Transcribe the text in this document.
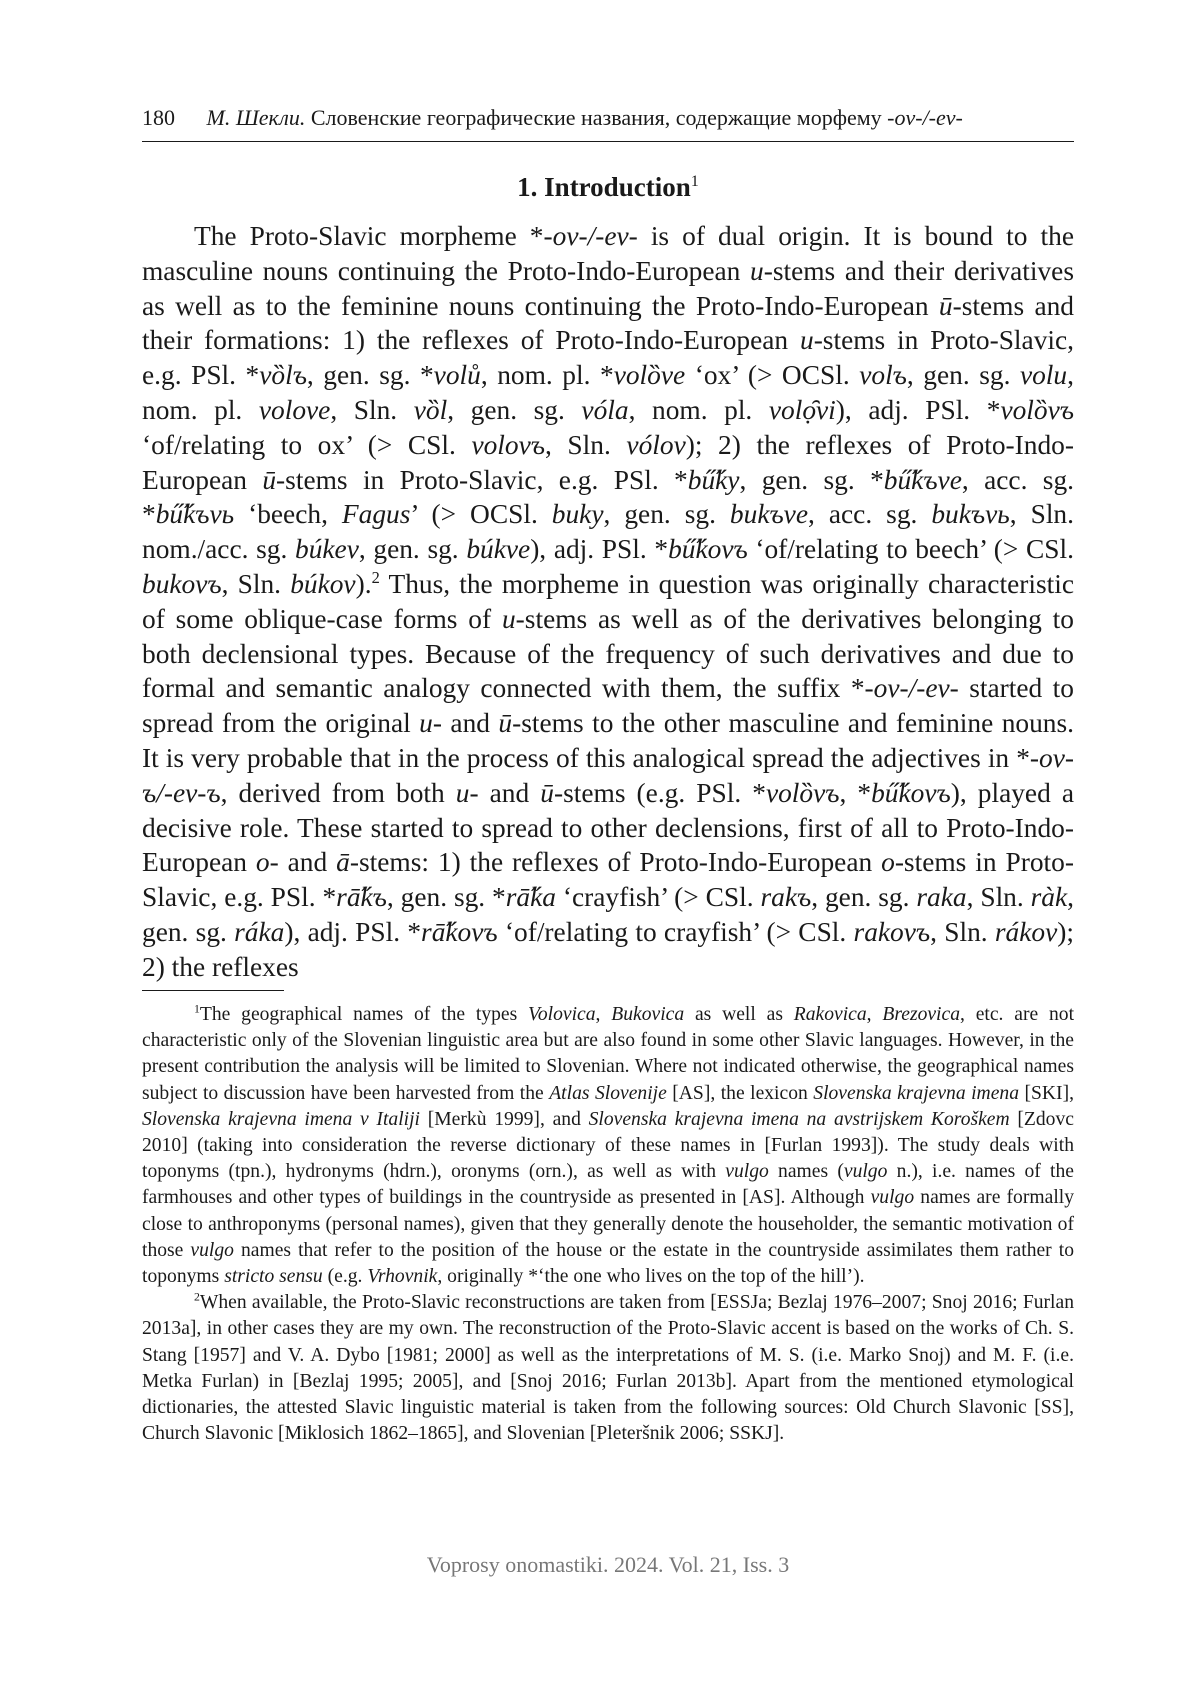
180 М. Шекли. Словенские географические названия, содержащие морфему -ov-/-ev-
1. Introduction$^1$

The Proto-Slavic morpheme *-ov-/-ev- is of dual origin. It is bound to the masculine nouns continuing the Proto-Indo-European u-stems and their derivatives as well as to the feminine nouns continuing the Proto-Indo-European ū-stems and their formations: 1) the reflexes of Proto-Indo-European u-stems in Proto-Slavic, e.g. PSl. *vȍlъ, gen. sg. *volů, nom. pl. *volȍve ‘ox’ (> OCSl. volъ, gen. sg. volu, nom. pl. volove, Sln. vȍl, gen. sg. vóla, nom. pl. volọ̑vi), adj. PSl. *volȍvъ ‘of/relating to ox’ (> CSl. volovъ, Sln. vólov); 2) the reflexes of Proto-Indo-European ū-stems in Proto-Slavic, e.g. PSl. *bű̋ky, gen. sg. *bű̋kъve, acc. sg. *bű̋kъvь ‘beech, Fagus’ (> OCSl. buky, gen. sg. bukъve, acc. sg. bukъvь, Sln. nom./acc. sg. búkev, gen. sg. búkve), adj. PSl. *bű̋kovъ ‘of/relating to beech’ (> CSl. bukovъ, Sln. búkov).$^2$ Thus, the morpheme in question was originally characteristic of some oblique-case forms of u-stems as well as of the derivatives belonging to both declensional types. Because of the frequency of such derivatives and due to formal and semantic analogy connected with them, the suffix *-ov-/-ev- started to spread from the original u- and ū-stems to the other masculine and feminine nouns. It is very probable that in the process of this analogical spread the adjectives in *-ov-ъ/-ev-ъ, derived from both u- and ū-stems (e.g. PSl. *volȍvъ, *bű̋kovъ), played a decisive role. These started to spread to other declensions, first of all to Proto-Indo-European o- and ā-stems: 1) the reflexes of Proto-Indo-European o-stems in Proto-Slavic, e.g. PSl. *rā̋kъ, gen. sg. *rā̋ka ‘crayfish’ (> CSl. rakъ, gen. sg. raka, Sln. ràk, gen. sg. ráka), adj. PSl. *rā̋kovъ ‘of/relating to crayfish’ (> CSl. rakovъ, Sln. rákov); 2) the reflexes

$^1$The geographical names of the types Volovica, Bukovica as well as Rakovica, Brezovica, etc. are not characteristic only of the Slovenian linguistic area but are also found in some other Slavic languages. However, in the present contribution the analysis will be limited to Slovenian. Where not indicated otherwise, the geographical names subject to discussion have been harvested from the Atlas Slovenije [AS], the lexicon Slovenska krajevna imena [SKI], Slovenska krajevna imena v Italiji [Merkù 1999], and Slovenska krajevna imena na avstrijskem Koroškem [Zdovc 2010] (taking into consideration the reverse dictionary of these names in [Furlan 1993]). The study deals with toponyms (tpn.), hydronyms (hdrn.), oronyms (orn.), as well as with vulgo names (vulgo n.), i.e. names of the farmhouses and other types of buildings in the countryside as presented in [AS]. Although vulgo names are formally close to anthroponyms (personal names), given that they generally denote the householder, the semantic motivation of those vulgo names that refer to the position of the house or the estate in the countryside assimilates them rather to toponyms stricto sensu (e.g. Vrhovnik, originally *‘the one who lives on the top of the hill’).

$^2$When available, the Proto-Slavic reconstructions are taken from [ESSJa; Bezlaj 1976–2007; Snoj 2016; Furlan 2013a], in other cases they are my own. The reconstruction of the Proto-Slavic accent is based on the works of Ch. S. Stang [1957] and V. A. Dybo [1981; 2000] as well as the interpretations of M. S. (i.e. Marko Snoj) and M. F. (i.e. Metka Furlan) in [Bezlaj 1995; 2005], and [Snoj 2016; Furlan 2013b]. Apart from the mentioned etymological dictionaries, the attested Slavic linguistic material is taken from the following sources: Old Church Slavonic [SS], Church Slavonic [Miklosich 1862–1865], and Slovenian [Pleteršnik 2006; SSKJ].

Voprosy onomastiki. 2024. Vol. 21, Iss. 3
